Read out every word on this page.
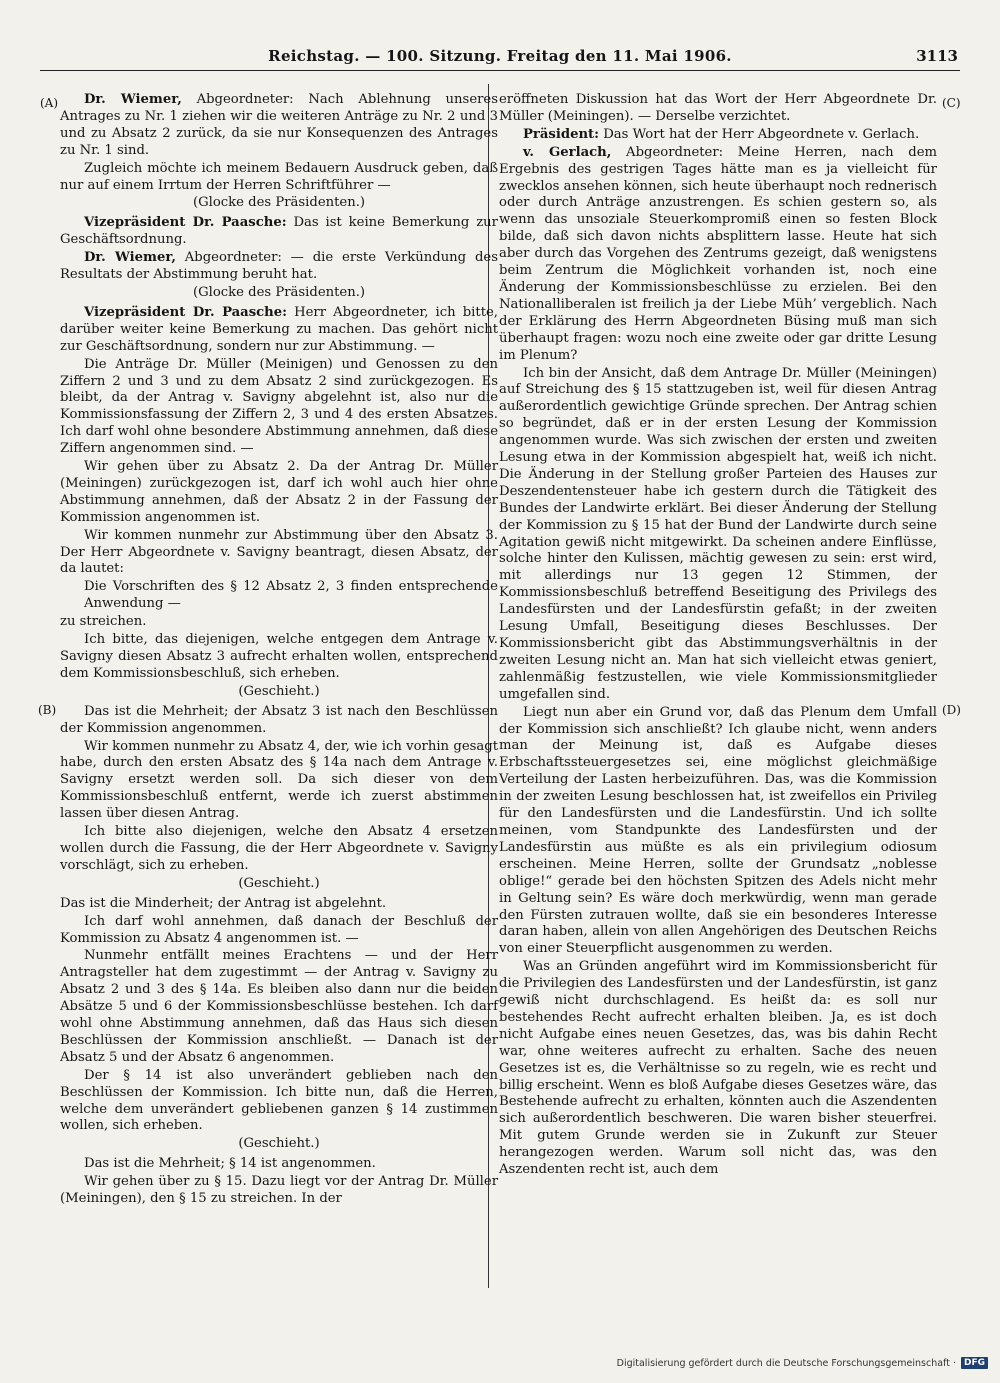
Reichstag. — 100. Sitzung. Freitag den 11. Mai 1906.	3113
(A)
(B)
(C)
(D)

Dr. Wiemer, Abgeordneter: Nach Ablehnung unseres Antrages zu Nr. 1 ziehen wir die weiteren Anträge zu Nr. 2 und 3 und zu Absatz 2 zurück, da sie nur Konsequenzen des Antrages zu Nr. 1 sind.

Zugleich möchte ich meinem Bedauern Ausdruck geben, daß nur auf einem Irrtum der Herren Schriftführer —

(Glocke des Präsidenten.)

Vizepräsident Dr. Paasche: Das ist keine Bemerkung zur Geschäftsordnung.

Dr. Wiemer, Abgeordneter: — die erste Verkündung des Resultats der Abstimmung beruht hat.

(Glocke des Präsidenten.)

Vizepräsident Dr. Paasche: Herr Abgeordneter, ich bitte, darüber weiter keine Bemerkung zu machen. Das gehört nicht zur Geschäftsordnung, sondern nur zur Abstimmung. —

Die Anträge Dr. Müller (Meinigen) und Genossen zu den Ziffern 2 und 3 und zu dem Absatz 2 sind zurückgezogen. Es bleibt, da der Antrag v. Savigny abgelehnt ist, also nur die Kommissionsfassung der Ziffern 2, 3 und 4 des ersten Absatzes. Ich darf wohl ohne besondere Abstimmung annehmen, daß diese Ziffern angenommen sind. —

Wir gehen über zu Absatz 2. Da der Antrag Dr. Müller (Meiningen) zurückgezogen ist, darf ich wohl auch hier ohne Abstimmung annehmen, daß der Absatz 2 in der Fassung der Kommission angenommen ist.

Wir kommen nunmehr zur Abstimmung über den Absatz 3. Der Herr Abgeordnete v. Savigny beantragt, diesen Absatz, der da lautet:

Die Vorschriften des § 12 Absatz 2, 3 finden entsprechende Anwendung —

zu streichen.

Ich bitte, das diejenigen, welche entgegen dem Antrage v. Savigny diesen Absatz 3 aufrecht erhalten wollen, entsprechend dem Kommissionsbeschluß, sich erheben.

(Geschieht.)

Das ist die Mehrheit; der Absatz 3 ist nach den Beschlüssen der Kommission angenommen.

Wir kommen nunmehr zu Absatz 4, der, wie ich vorhin gesagt habe, durch den ersten Absatz des § 14a nach dem Antrage v. Savigny ersetzt werden soll. Da sich dieser von dem Kommissionsbeschluß entfernt, werde ich zuerst abstimmen lassen über diesen Antrag.

Ich bitte also diejenigen, welche den Absatz 4 ersetzen wollen durch die Fassung, die der Herr Abgeordnete v. Savigny vorschlägt, sich zu erheben.

(Geschieht.)

Das ist die Minderheit; der Antrag ist abgelehnt.

Ich darf wohl annehmen, daß danach der Beschluß der Kommission zu Absatz 4 angenommen ist. —

Nunmehr entfällt meines Erachtens — und der Herr Antragsteller hat dem zugestimmt — der Antrag v. Savigny zu Absatz 2 und 3 des § 14a. Es bleiben also dann nur die beiden Absätze 5 und 6 der Kommissionsbeschlüsse bestehen. Ich darf wohl ohne Abstimmung annehmen, daß das Haus sich diesen Beschlüssen der Kommission anschließt. — Danach ist der Absatz 5 und der Absatz 6 angenommen.

Der § 14 ist also unverändert geblieben nach den Beschlüssen der Kommission. Ich bitte nun, daß die Herren, welche dem unverändert gebliebenen ganzen § 14 zustimmen wollen, sich erheben.

(Geschieht.)

Das ist die Mehrheit; § 14 ist angenommen.

Wir gehen über zu § 15. Dazu liegt vor der Antrag Dr. Müller (Meiningen), den § 15 zu streichen. In der

eröffneten Diskussion hat das Wort der Herr Abgeordnete Dr. Müller (Meiningen). — Derselbe verzichtet.

Präsident: Das Wort hat der Herr Abgeordnete v. Gerlach.

v. Gerlach, Abgeordneter: Meine Herren, nach dem Ergebnis des gestrigen Tages hätte man es ja vielleicht für zwecklos ansehen können, sich heute überhaupt noch rednerisch oder durch Anträge anzustrengen. Es schien gestern so, als wenn das unsoziale Steuerkompromiß einen so festen Block bilde, daß sich davon nichts absplittern lasse. Heute hat sich aber durch das Vorgehen des Zentrums gezeigt, daß wenigstens beim Zentrum die Möglichkeit vorhanden ist, noch eine Änderung der Kommissionsbeschlüsse zu erzielen. Bei den Nationalliberalen ist freilich ja der Liebe Müh’ vergeblich. Nach der Erklärung des Herrn Abgeordneten Büsing muß man sich überhaupt fragen: wozu noch eine zweite oder gar dritte Lesung im Plenum?

Ich bin der Ansicht, daß dem Antrage Dr. Müller (Meiningen) auf Streichung des § 15 stattzugeben ist, weil für diesen Antrag außerordentlich gewichtige Gründe sprechen. Der Antrag schien so begründet, daß er in der ersten Lesung der Kommission angenommen wurde. Was sich zwischen der ersten und zweiten Lesung etwa in der Kommission abgespielt hat, weiß ich nicht. Die Änderung in der Stellung großer Parteien des Hauses zur Deszendentensteuer habe ich gestern durch die Tätigkeit des Bundes der Landwirte erklärt. Bei dieser Änderung der Stellung der Kommission zu § 15 hat der Bund der Landwirte durch seine Agitation gewiß nicht mitgewirkt. Da scheinen andere Einflüsse, solche hinter den Kulissen, mächtig gewesen zu sein: erst wird, mit allerdings nur 13 gegen 12 Stimmen, der Kommissionsbeschluß betreffend Beseitigung des Privilegs des Landesfürsten und der Landesfürstin gefaßt; in der zweiten Lesung Umfall, Beseitigung dieses Beschlusses. Der Kommissionsbericht gibt das Abstimmungsverhältnis in der zweiten Lesung nicht an. Man hat sich vielleicht etwas geniert, zahlenmäßig festzustellen, wie viele Kommissionsmitglieder umgefallen sind.

Liegt nun aber ein Grund vor, daß das Plenum dem Umfall der Kommission sich anschließt? Ich glaube nicht, wenn anders man der Meinung ist, daß es Aufgabe dieses Erbschaftssteuergesetzes sei, eine möglichst gleichmäßige Verteilung der Lasten herbeizuführen. Das, was die Kommission in der zweiten Lesung beschlossen hat, ist zweifellos ein Privileg für den Landesfürsten und die Landesfürstin. Und ich sollte meinen, vom Standpunkte des Landesfürsten und der Landesfürstin aus müßte es als ein privilegium odiosum erscheinen. Meine Herren, sollte der Grundsatz „noblesse oblige!“ gerade bei den höchsten Spitzen des Adels nicht mehr in Geltung sein? Es wäre doch merkwürdig, wenn man gerade den Fürsten zutrauen wollte, daß sie ein besonderes Interesse daran haben, allein von allen Angehörigen des Deutschen Reichs von einer Steuerpflicht ausgenommen zu werden.

Was an Gründen angeführt wird im Kommissionsbericht für die Privilegien des Landesfürsten und der Landesfürstin, ist ganz gewiß nicht durchschlagend. Es heißt da: es soll nur bestehendes Recht aufrecht erhalten bleiben. Ja, es ist doch nicht Aufgabe eines neuen Gesetzes, das, was bis dahin Recht war, ohne weiteres aufrecht zu erhalten. Sache des neuen Gesetzes ist es, die Verhältnisse so zu regeln, wie es recht und billig erscheint. Wenn es bloß Aufgabe dieses Gesetzes wäre, das Bestehende aufrecht zu erhalten, könnten auch die Aszendenten sich außerordentlich beschweren. Die waren bisher steuerfrei. Mit gutem Grunde werden sie in Zukunft zur Steuer herangezogen werden. Warum soll nicht das, was den Aszendenten recht ist, auch dem

Digitalisierung gefördert durch die Deutsche Forschungsgemeinschaft · DFG
